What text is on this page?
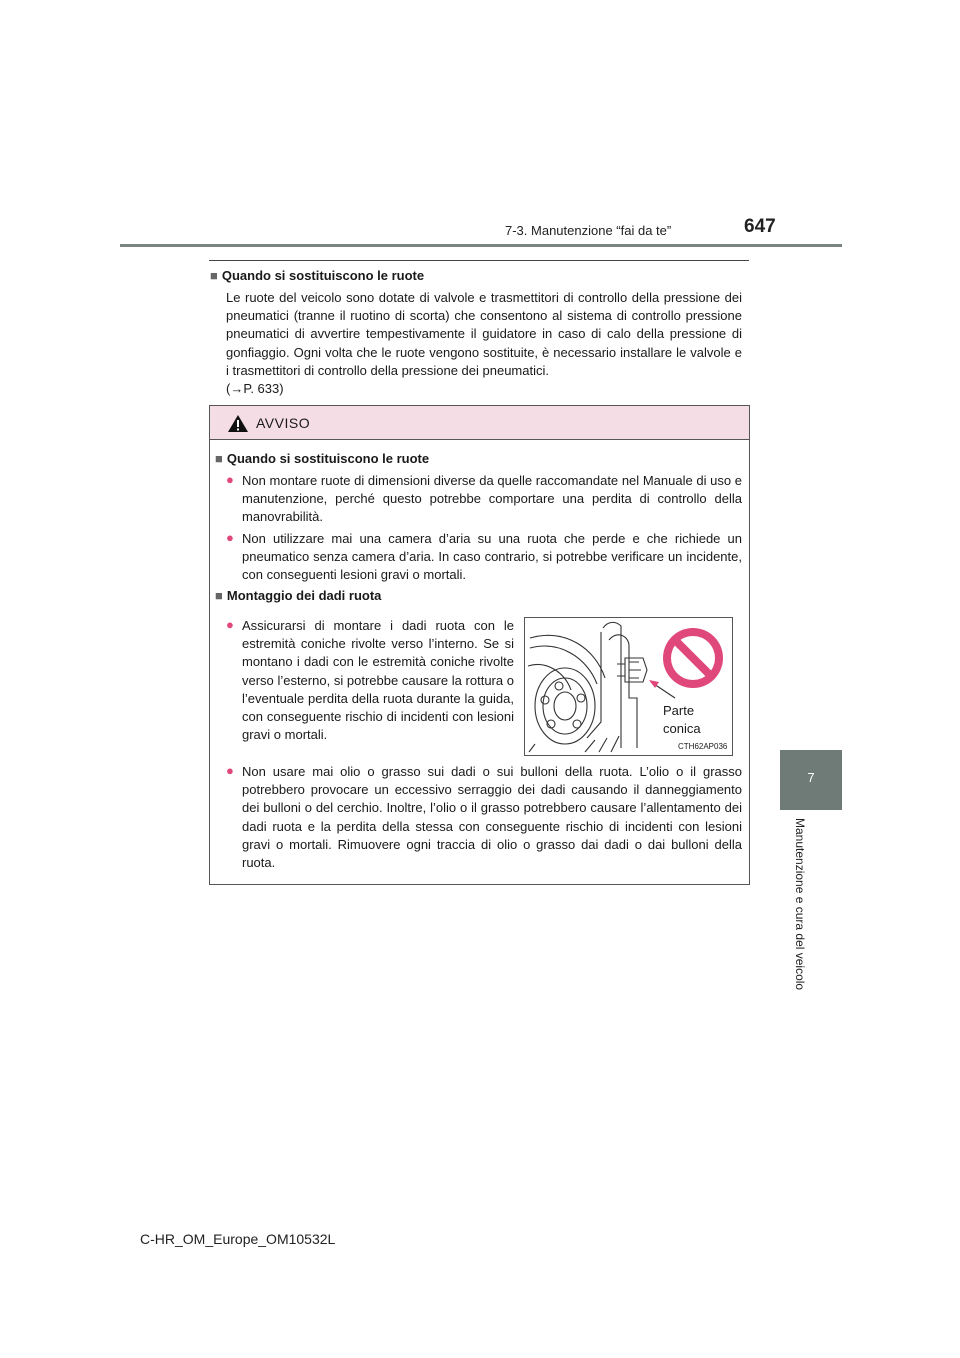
7-3. Manutenzione “fai da te”	647
7
Manutenzione e cura del veicolo
■ Quando si sostituiscono le ruote
Le ruote del veicolo sono dotate di valvole e trasmettitori di controllo della pressione dei pneumatici (tranne il ruotino di scorta) che consentono al sistema di controllo pressione pneumatici di avvertire tempestivamente il guidatore in caso di calo della pressione di gonfiaggio. Ogni volta che le ruote vengono sostituite, è necessario installare le valvole e i trasmettitori di controllo della pressione dei pneumatici.
(→P. 633)
AVVISO
■ Quando si sostituiscono le ruote
● Non montare ruote di dimensioni diverse da quelle raccomandate nel Manuale di uso e manutenzione, perché questo potrebbe comportare una perdita di controllo della manovrabilità.
● Non utilizzare mai una camera d’aria su una ruota che perde e che richiede un pneumatico senza camera d’aria. In caso contrario, si potrebbe verificare un incidente, con conseguenti lesioni gravi o mortali.
■ Montaggio dei dadi ruota
● Assicurarsi di montare i dadi ruota con le estremità coniche rivolte verso l’interno. Se si montano i dadi con le estremità coniche rivolte verso l’esterno, si potrebbe causare la rottura o l’eventuale perdita della ruota durante la guida, con conseguente rischio di incidenti con lesioni gravi o mortali.
Parte
conica
CTH62AP036
● Non usare mai olio o grasso sui dadi o sui bulloni della ruota. L’olio o il grasso potrebbero provocare un eccessivo serraggio dei dadi causando il danneggiamento dei bulloni o del cerchio. Inoltre, l’olio o il grasso potrebbero causare l’allentamento dei dadi ruota e la perdita della stessa con conseguente rischio di incidenti con lesioni gravi o mortali. Rimuovere ogni traccia di olio o grasso dai dadi o dai bulloni della ruota.
C-HR_OM_Europe_OM10532L
